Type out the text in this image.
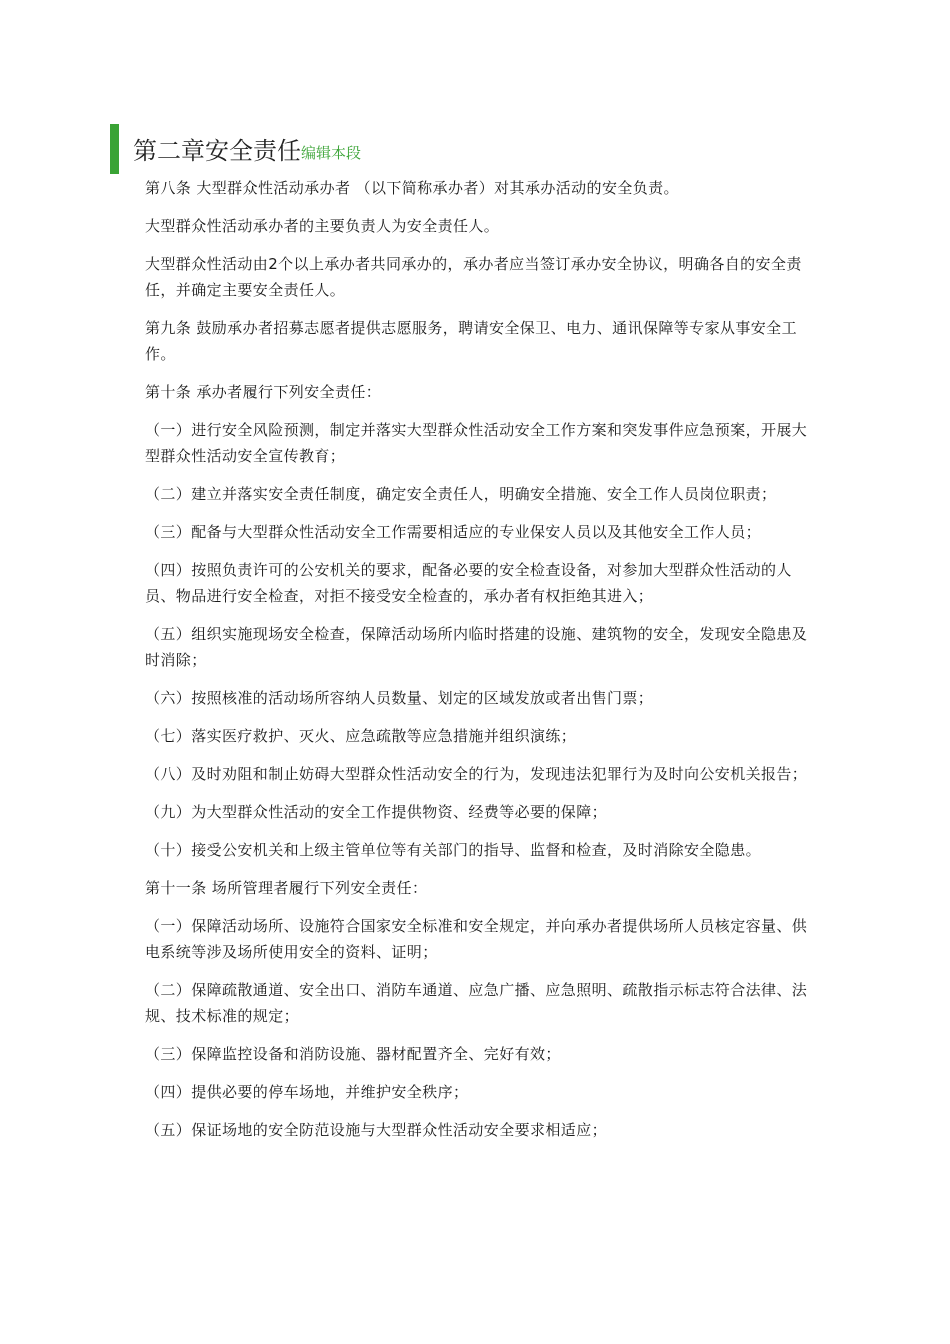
第二章安全责任 编辑本段

第八条 大型群众性活动承办者 （以下简称承办者）对其承办活动的安全负责。

大型群众性活动承办者的主要负责人为安全责任人。

大型群众性活动由2个以上承办者共同承办的，承办者应当签订承办安全协议，明确各自的安全责任，并确定主要安全责任人。

第九条 鼓励承办者招募志愿者提供志愿服务，聘请安全保卫、电力、通讯保障等专家从事安全工作。

第十条 承办者履行下列安全责任：

（一）进行安全风险预测，制定并落实大型群众性活动安全工作方案和突发事件应急预案，开展大型群众性活动安全宣传教育；

（二）建立并落实安全责任制度，确定安全责任人，明确安全措施、安全工作人员岗位职责；

（三）配备与大型群众性活动安全工作需要相适应的专业保安人员以及其他安全工作人员；

（四）按照负责许可的公安机关的要求，配备必要的安全检查设备，对参加大型群众性活动的人员、物品进行安全检查，对拒不接受安全检查的，承办者有权拒绝其进入；

（五）组织实施现场安全检查，保障活动场所内临时搭建的设施、建筑物的安全，发现安全隐患及时消除；

（六）按照核准的活动场所容纳人员数量、划定的区域发放或者出售门票；

（七）落实医疗救护、灭火、应急疏散等应急措施并组织演练；

（八）及时劝阻和制止妨碍大型群众性活动安全的行为，发现违法犯罪行为及时向公安机关报告；

（九）为大型群众性活动的安全工作提供物资、经费等必要的保障；

（十）接受公安机关和上级主管单位等有关部门的指导、监督和检查，及时消除安全隐患。

第十一条 场所管理者履行下列安全责任：

（一）保障活动场所、设施符合国家安全标准和安全规定，并向承办者提供场所人员核定容量、供电系统等涉及场所使用安全的资料、证明；

（二）保障疏散通道、安全出口、消防车通道、应急广播、应急照明、疏散指示标志符合法律、法规、技术标准的规定；

（三）保障监控设备和消防设施、器材配置齐全、完好有效；

（四）提供必要的停车场地，并维护安全秩序；

（五）保证场地的安全防范设施与大型群众性活动安全要求相适应；
